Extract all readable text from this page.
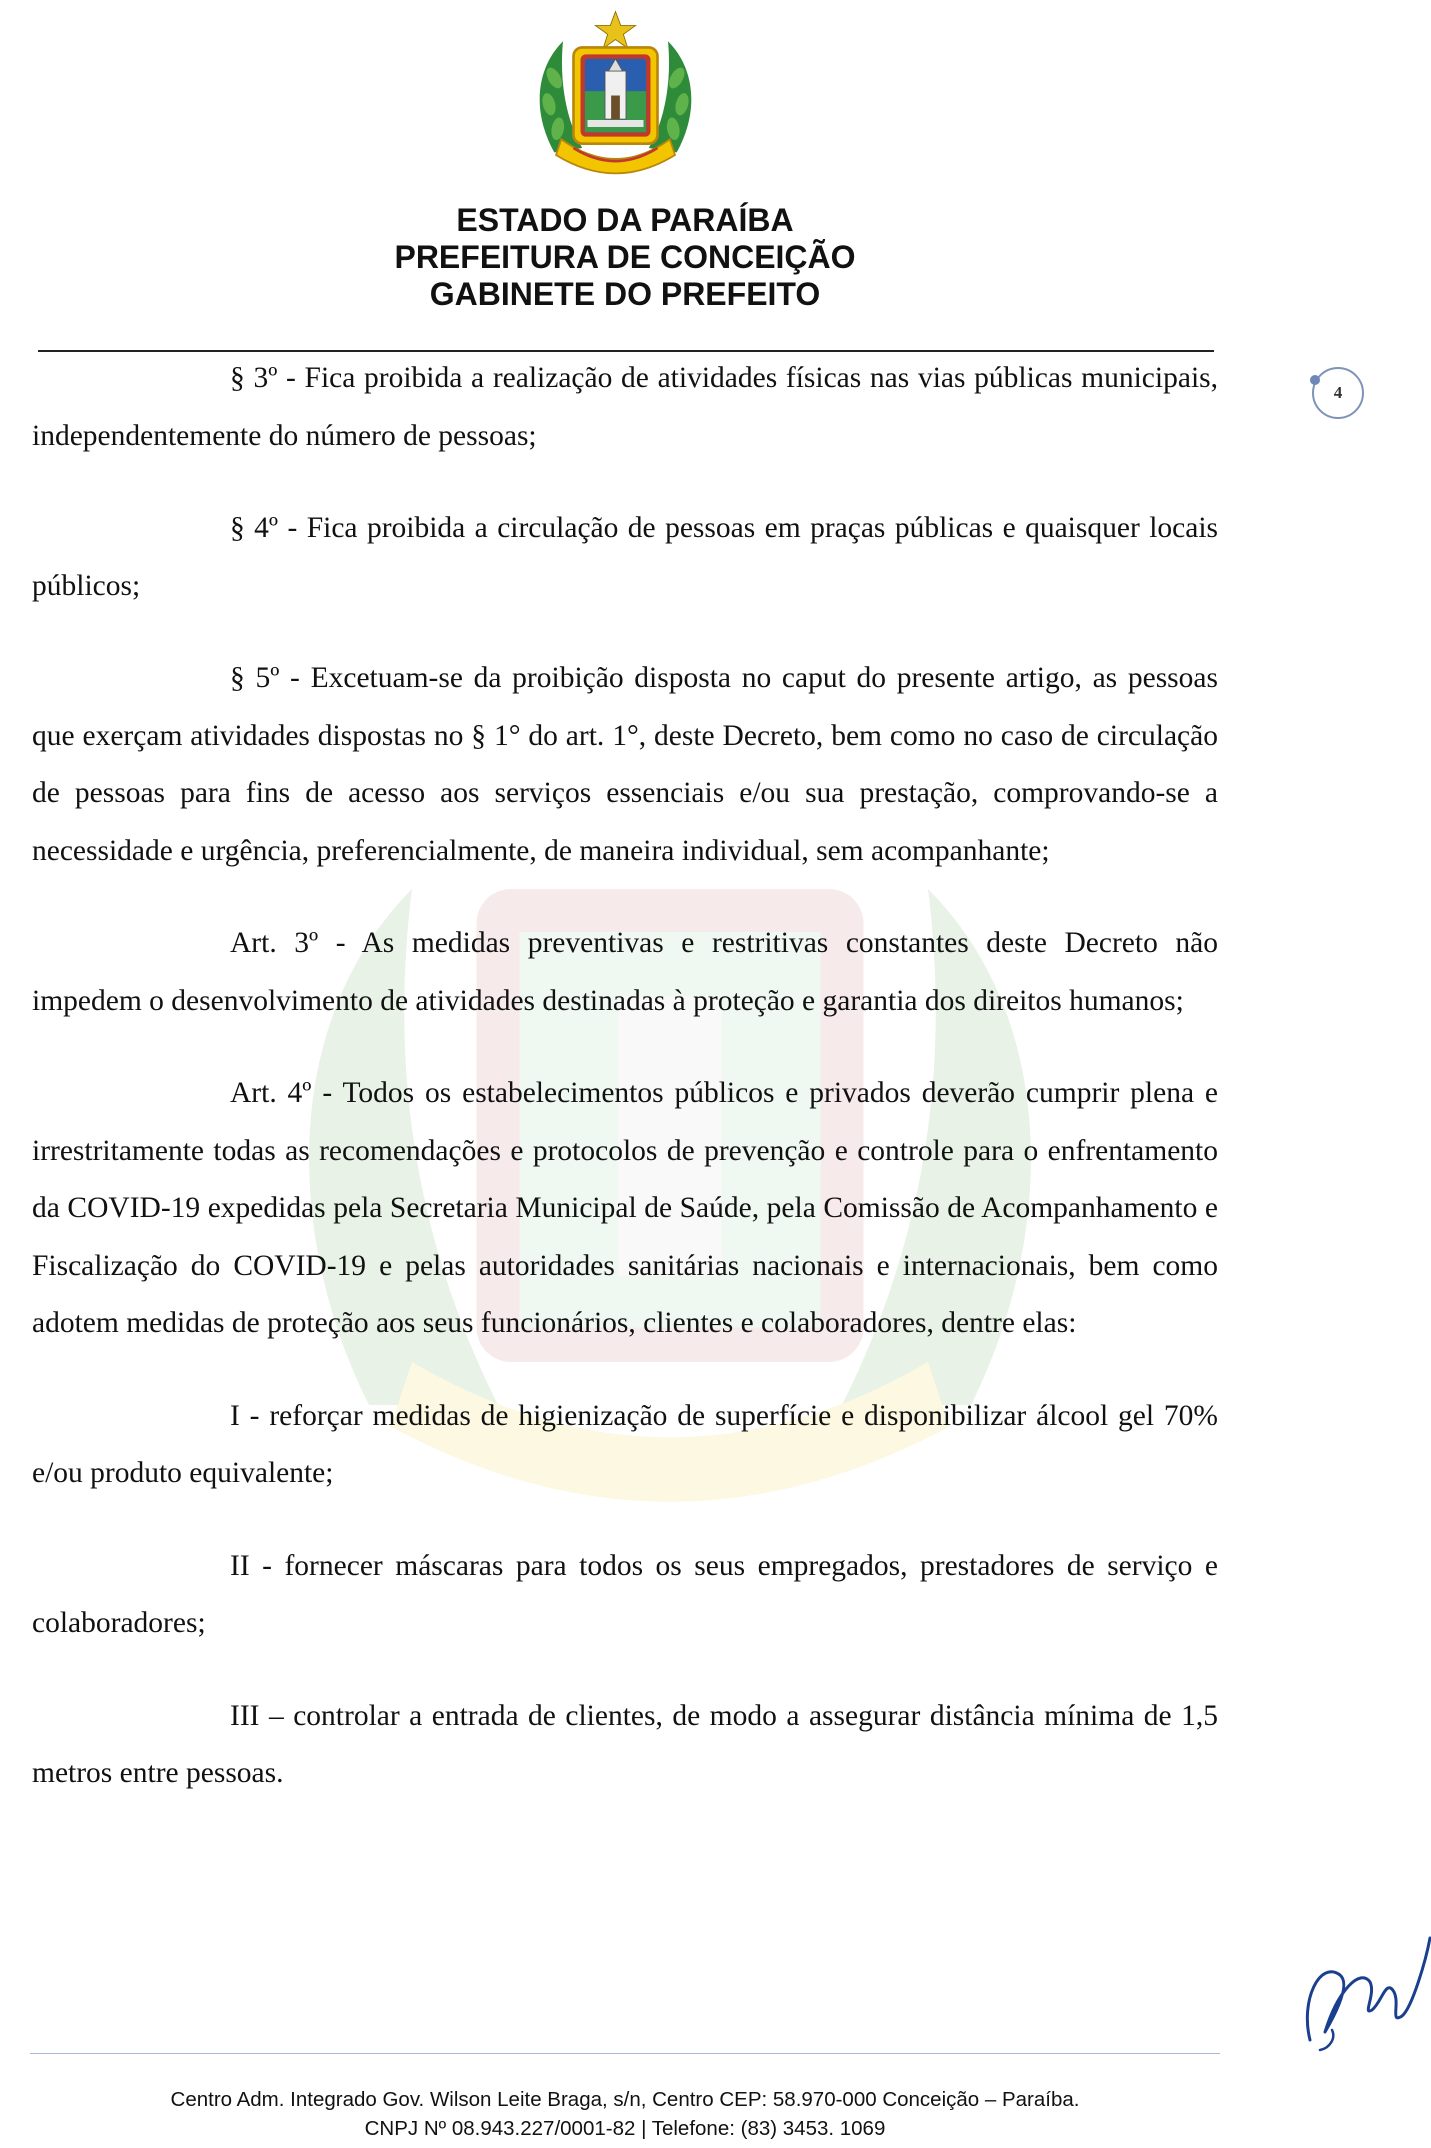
ESTADO DA PARAÍBA
PREFEITURA DE CONCEIÇÃO
GABINETE DO PREFEITO
4

§ 3º - Fica proibida a realização de atividades físicas nas vias públicas municipais, independentemente do número de pessoas;

§ 4º - Fica proibida a circulação de pessoas em praças públicas e quaisquer locais públicos;

§ 5º - Excetuam-se da proibição disposta no caput do presente artigo, as pessoas que exerçam atividades dispostas no § 1° do art. 1°, deste Decreto, bem como no caso de circulação de pessoas para fins de acesso aos serviços essenciais e/ou sua prestação, comprovando-se a necessidade e urgência, preferencialmente, de maneira individual, sem acompanhante;

Art. 3º - As medidas preventivas e restritivas constantes deste Decreto não impedem o desenvolvimento de atividades destinadas à proteção e garantia dos direitos humanos;

Art. 4º - Todos os estabelecimentos públicos e privados deverão cumprir plena e irrestritamente todas as recomendações e protocolos de prevenção e controle para o enfrentamento da COVID-19 expedidas pela Secretaria Municipal de Saúde, pela Comissão de Acompanhamento e Fiscalização do COVID-19 e pelas autoridades sanitárias nacionais e internacionais, bem como adotem medidas de proteção aos seus funcionários, clientes e colaboradores, dentre elas:

I - reforçar medidas de higienização de superfície e disponibilizar álcool gel 70% e/ou produto equivalente;

II - fornecer máscaras para todos os seus empregados, prestadores de serviço e colaboradores;

III – controlar a entrada de clientes, de modo a assegurar distância mínima de 1,5 metros entre pessoas.

Centro Adm. Integrado Gov. Wilson Leite Braga, s/n, Centro CEP: 58.970-000 Conceição – Paraíba.
CNPJ Nº 08.943.227/0001-82 | Telefone: (83) 3453. 1069
